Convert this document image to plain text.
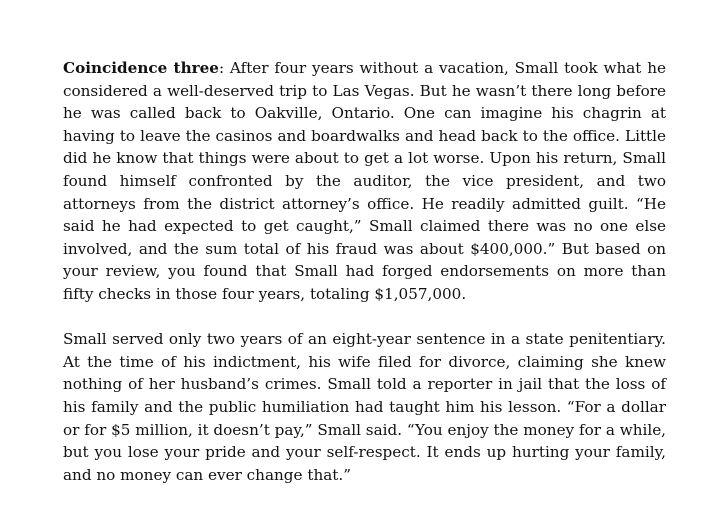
Coincidence three: After four years without a vacation, Small took what he considered a well-deserved trip to Las Vegas. But he wasn’t there long before he was called back to Oakville, Ontario. One can imagine his chagrin at having to leave the casinos and boardwalks and head back to the office. Little did he know that things were about to get a lot worse. Upon his return, Small found himself confronted by the auditor, the vice president, and two attorneys from the district attorney’s office. He readily admitted guilt. “He said he had expected to get caught,” Small claimed there was no one else involved, and the sum total of his fraud was about $400,000.” But based on your review, you found that Small had forged endorsements on more than fifty checks in those four years, totaling $1,057,000.

Small served only two years of an eight-year sentence in a state penitentiary. At the time of his indictment, his wife filed for divorce, claiming she knew nothing of her husband’s crimes. Small told a reporter in jail that the loss of his family and the public humiliation had taught him his lesson. “For a dollar or for $5 million, it doesn’t pay,” Small said. “You enjoy the money for a while, but you lose your pride and your self-respect. It ends up hurting your family, and no money can ever change that.”
